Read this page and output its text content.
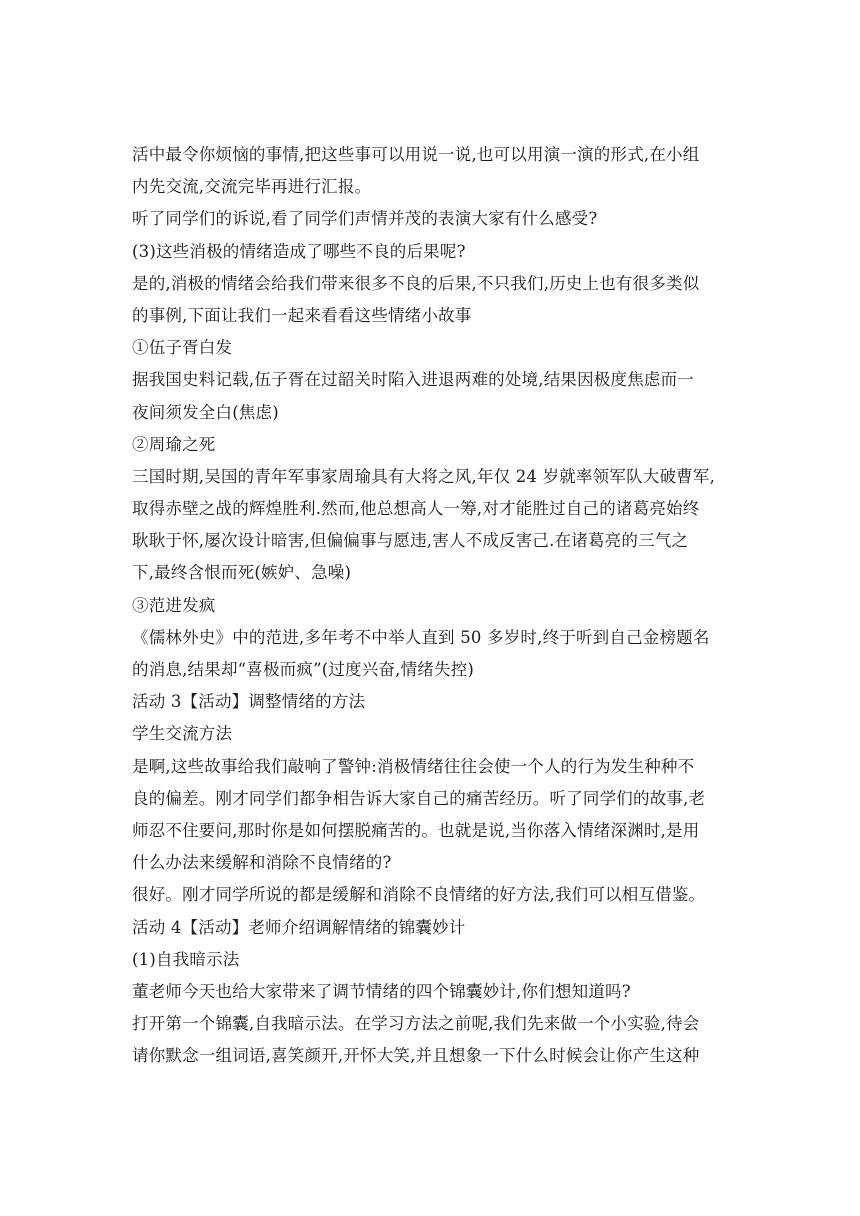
活中最令你烦恼的事情,把这些事可以用说一说,也可以用演一演的形式,在小组
内先交流,交流完毕再进行汇报。
听了同学们的诉说,看了同学们声情并茂的表演大家有什么感受?
(3)这些消极的情绪造成了哪些不良的后果呢?
是的,消极的情绪会给我们带来很多不良的后果,不只我们,历史上也有很多类似
的事例,下面让我们一起来看看这些情绪小故事
①伍子胥白发
据我国史料记载,伍子胥在过韶关时陷入进退两难的处境,结果因极度焦虑而一
夜间须发全白(焦虑)
②周瑜之死
三国时期,吴国的青年军事家周瑜具有大将之风,年仅 24 岁就率领军队大破曹军,
取得赤壁之战的辉煌胜利.然而,他总想高人一筹,对才能胜过自己的诸葛亮始终
耿耿于怀,屡次设计暗害,但偏偏事与愿违,害人不成反害己.在诸葛亮的三气之
下,最终含恨而死(嫉妒、急噪)
③范进发疯
《儒林外史》中的范进,多年考不中举人直到 50 多岁时,终于听到自己金榜题名
的消息,结果却“喜极而疯”(过度兴奋,情绪失控)
活动 3【活动】调整情绪的方法
学生交流方法
是啊,这些故事给我们敲响了警钟:消极情绪往往会使一个人的行为发生种种不
良的偏差。刚才同学们都争相告诉大家自己的痛苦经历。听了同学们的故事,老
师忍不住要问,那时你是如何摆脱痛苦的。也就是说,当你落入情绪深渊时,是用
什么办法来缓解和消除不良情绪的?
很好。刚才同学所说的都是缓解和消除不良情绪的好方法,我们可以相互借鉴。
活动 4【活动】老师介绍调解情绪的锦囊妙计
(1)自我暗示法
董老师今天也给大家带来了调节情绪的四个锦囊妙计,你们想知道吗?
打开第一个锦囊,自我暗示法。在学习方法之前呢,我们先来做一个小实验,待会
请你默念一组词语,喜笑颜开,开怀大笑,并且想象一下什么时候会让你产生这种
